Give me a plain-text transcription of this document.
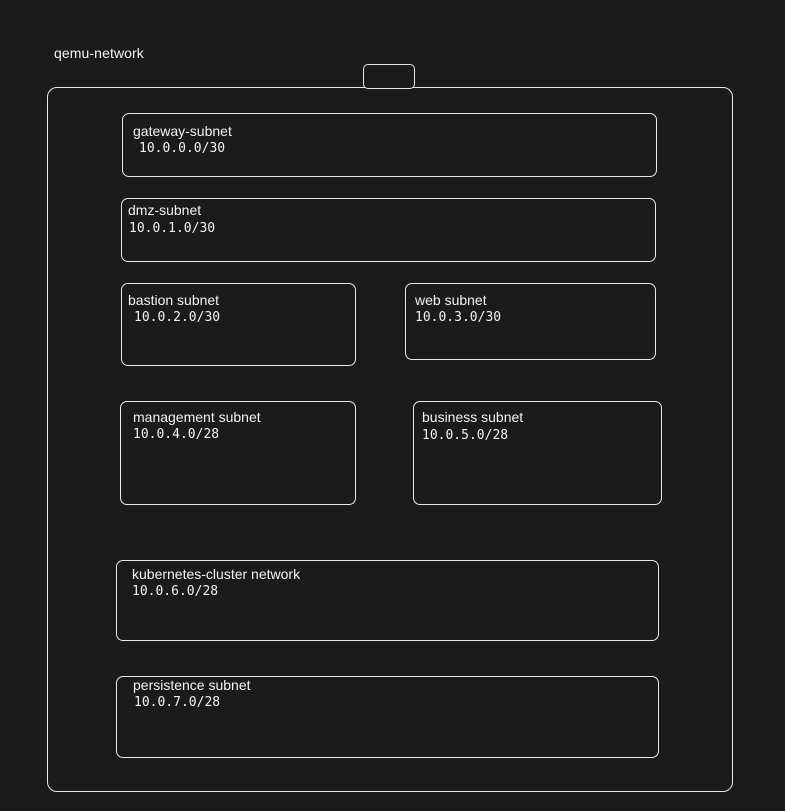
qemu-network
gateway-subnet
10.0.0.0/30
dmz-subnet
10.0.1.0/30
bastion subnet
10.0.2.0/30
web subnet
10.0.3.0/30
management subnet
10.0.4.0/28
business subnet
10.0.5.0/28
kubernetes-cluster network
10.0.6.0/28
persistence subnet
10.0.7.0/28
